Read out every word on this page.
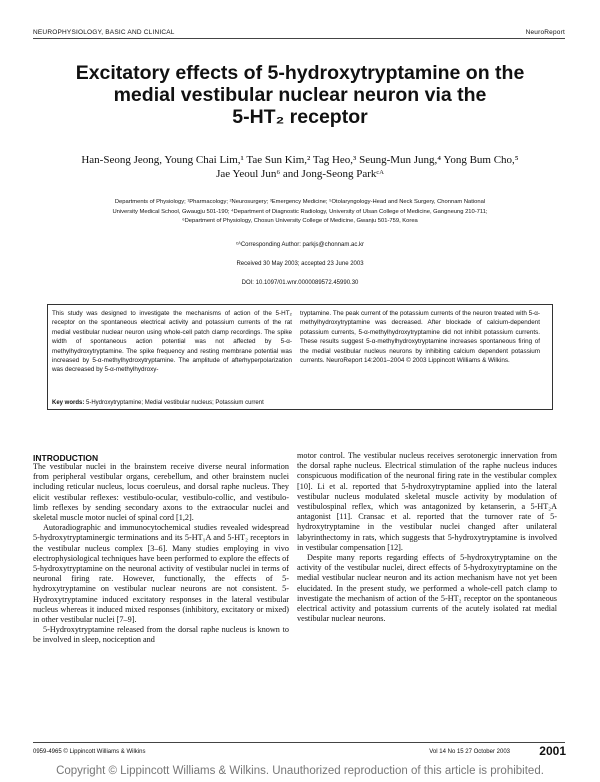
NEUROPHYSIOLOGY, BASIC AND CLINICAL	NeuroReport
Excitatory effects of 5-hydroxytryptamine on the
medial vestibular nuclear neuron via the
5-HT₂ receptor
Han-Seong Jeong, Young Chai Lim,¹ Tae Sun Kim,² Tag Heo,³ Seung-Mun Jung,⁴ Yong Bum Cho,⁵
Jae Yeoul Jun⁶ and Jong-Seong Parkᶜᴬ
Departments of Physiology; ¹Pharmacology; ²Neurosurgery; ³Emergency Medicine; ⁵Otolaryngology-Head and Neck Surgery, Chonnam National
University Medical School, Gwaugju 501-190; ⁴Department of Diagnostic Radiology, University of Ulsan College of Medicine, Gangneung 210-711;
⁶Department of Physiology, Chosun University College of Medicine, Gwanju 501-759, Korea
ᶜᴬCorresponding Author: parkjs@chonnam.ac.kr
Received 30 May 2003; accepted 23 June 2003
DOI: 10.1097/01.wnr.0000089572.45990.30
This study was designed to investigate the mechanisms of action of the 5-HT₂ receptor on the spontaneous electrical activity and potassium currents of the rat medial vestibular nuclear neuron using whole-cell patch clamp recordings. The spike width of spontaneous action potential was not affected by 5-α-methylhydroxytryptamine. The spike frequency and resting membrane potential was increased by 5-α-methylhydroxytryptamine. The amplitude of afterhyperpolarization was decreased by 5-α-methylhydroxy-
tryptamine. The peak current of the potassium currents of the neuron treated with 5-α-methylhydroxytryptamine was decreased. After blockade of calcium-dependent potassium currents, 5-α-methylhydroxytryptamine did not inhibit potassium currents. These results suggest 5-α-methylhydroxytryptamine increases spontaneous firing of the medial vestibular nucleus neurons by inhibiting calcium dependent potassium currents. NeuroReport 14:2001–2004 © 2003 Lippincott Williams & Wilkins.
Key words: 5-Hydroxytryptamine; Medial vestibular nucleus; Potassium current
INTRODUCTION

The vestibular nuclei in the brainstem receive diverse neural information from peripheral vestibular organs, cerebellum, and other brainstem nuclei including reticular nucleus, locus coeruleus, and dorsal raphe nucleus. They elicit vestibular reflexes: vestibulo-ocular, vestibulo-collic, and vestibulo-limb reflexes by sending secondary axons to the extraocular nuclei and skeletal muscle motor nuclei of spinal cord [1,2].

Autoradiographic and immunocytochemical studies revealed widespread 5-hydroxytryptaminergic terminations and its 5-HT₁A and 5-HT₂ receptors in the vestibular nucleus complex [3–6]. Many studies employing in vivo electrophysiological techniques have been performed to explore the effects of 5-hydroxytryptamine on the neuronal activity of vestibular nuclei in terms of neuronal firing rate. However, functionally, the effects of 5-hydroxytryptamine on vestibular nuclear neurons are not consistent. 5-Hydroxytryptamine induced excitatory responses in the lateral vestibular nucleus whereas it induced mixed responses (inhibitory, excitatory or mixed) in other vestibular nuclei [7–9].

5-Hydroxytryptamine released from the dorsal raphe nucleus is known to be involved in sleep, nociception and

motor control. The vestibular nucleus receives serotonergic innervation from the dorsal raphe nucleus. Electrical stimulation of the raphe nucleus induces conspicuous modification of the neuronal firing rate in the vestibular complex [10]. Li et al. reported that 5-hydroxytryptamine applied into the lateral vestibular nucleus modulated skeletal muscle activity by modulation of vestibulospinal reflex, which was antagonized by ketanserin, a 5-HT₂A antagonist [11]. Cransac et al. reported that the turnover rate of 5-hydroxytryptamine in the vestibular nuclei changed after unilateral labyrinthectomy in rats, which suggests that 5-hydroxytryptamine is involved in vestibular compensation [12].

Despite many reports regarding effects of 5-hydroxytryptamine on the activity of the vestibular nuclei, direct effects of 5-hydroxytryptamine on the medial vestibular nuclear neuron and its action mechanism have not yet been elucidated. In the present study, we performed a whole-cell patch clamp to investigate the mechanism of action of the 5-HT₂ receptor on the spontaneous electrical activity and potassium currents of the acutely isolated rat medial vestibular nuclear neurons.

0959-4965 © Lippincott Williams & Wilkins	Vol 14 No 15 27 October 2003 2001
Copyright © Lippincott Williams & Wilkins. Unauthorized reproduction of this article is prohibited.
